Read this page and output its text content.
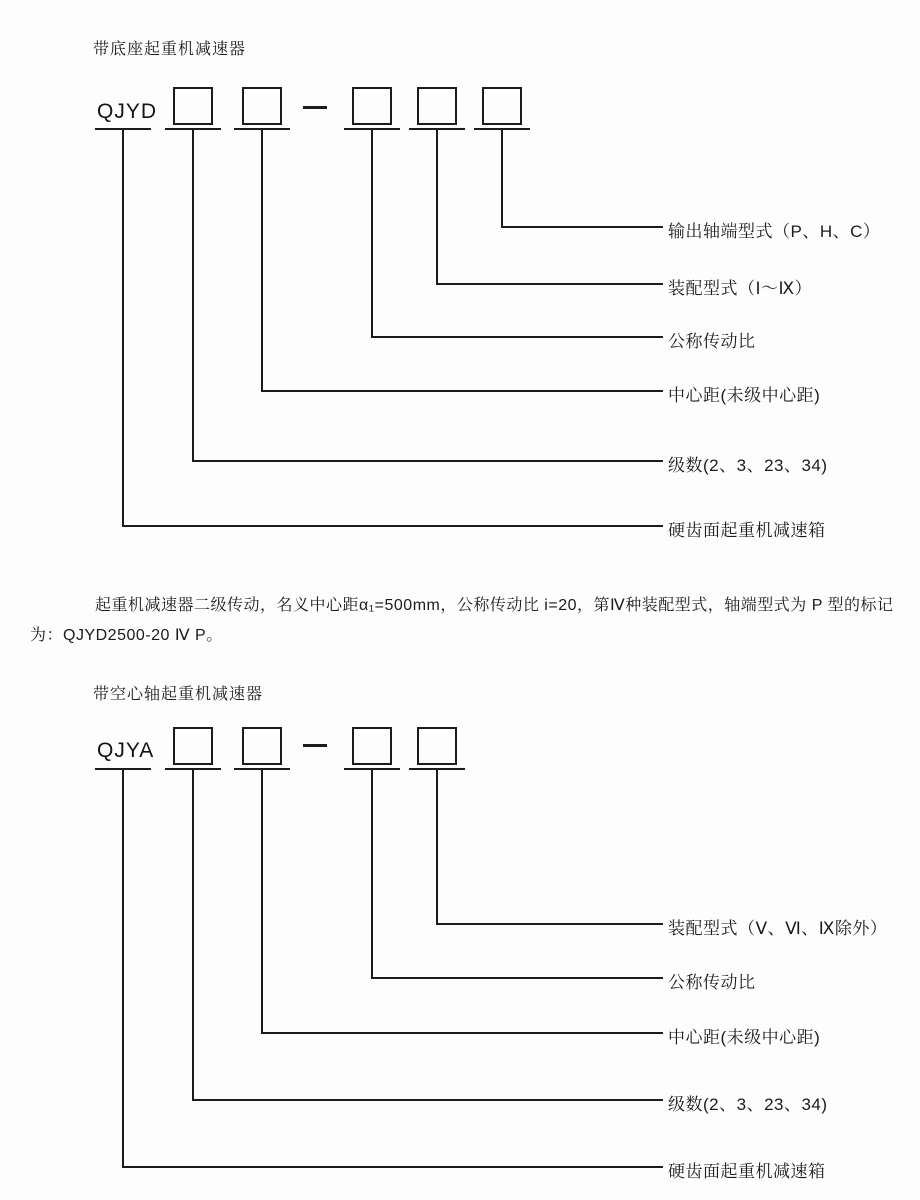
带底座起重机减速器
QJYD
输出轴端型式（P、H、C）
装配型式（Ⅰ～Ⅸ）
公称传动比
中心距(未级中心距)
级数(2、3、23、34)
硬齿面起重机减速箱
起重机减速器二级传动，名义中心距α₁=500mm，公称传动比 i=20，第Ⅳ种装配型式，轴端型式为 P 型的标记
为：QJYD2500-20 Ⅳ P。
带空心轴起重机减速器
QJYA
装配型式（Ⅴ、Ⅵ、Ⅸ除外）
公称传动比
中心距(未级中心距)
级数(2、3、23、34)
硬齿面起重机减速箱
